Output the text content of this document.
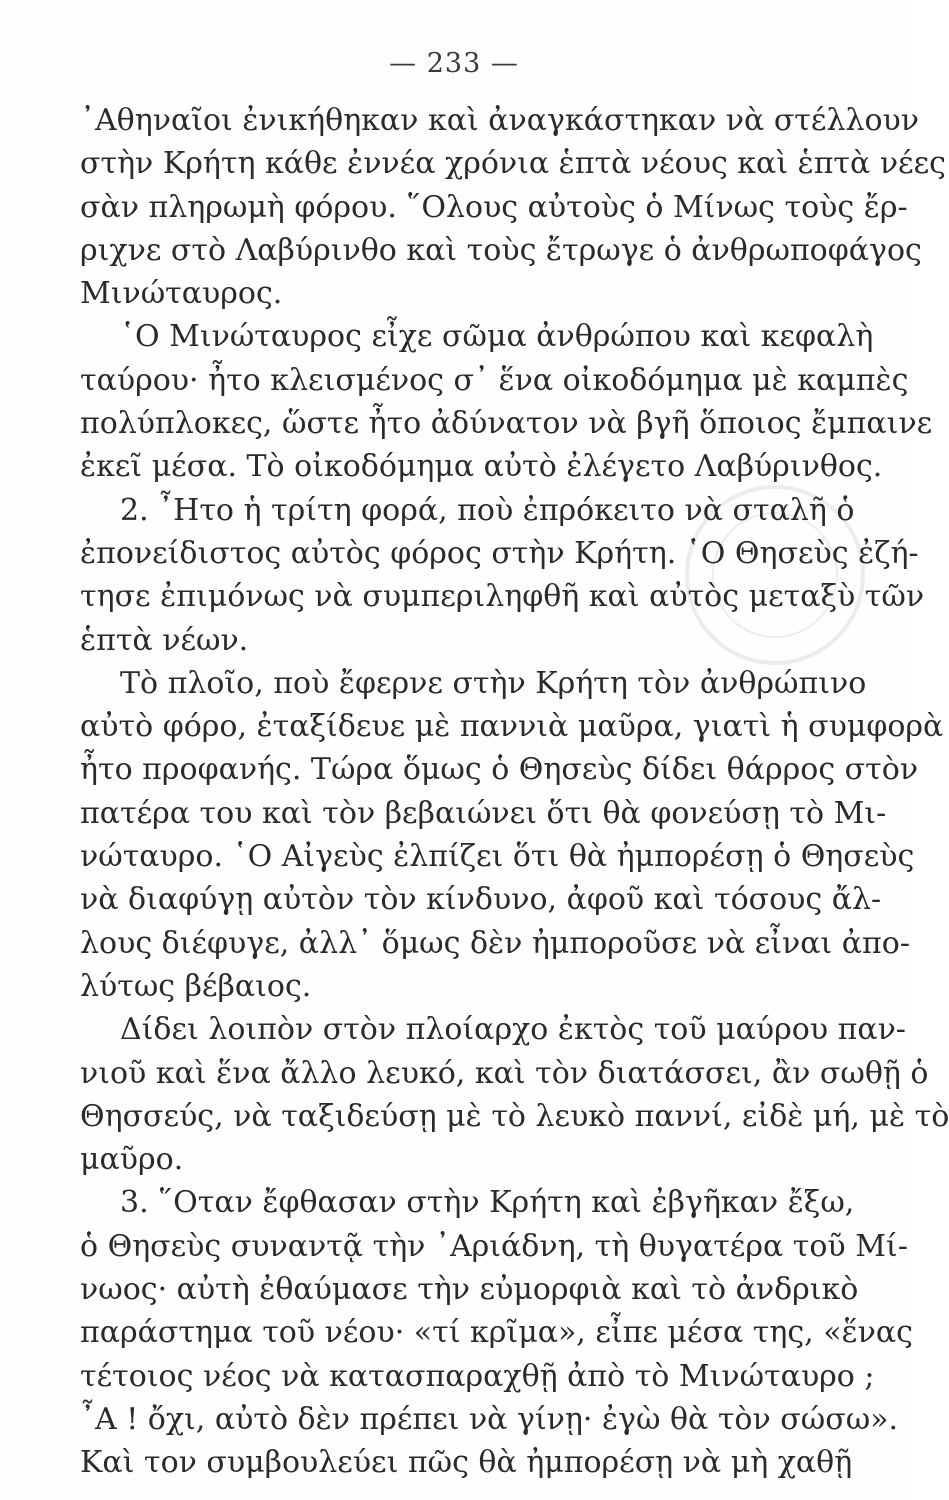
— 233 —
᾿Αθηναῖοι ἐνικήθηκαν καὶ ἀναγκάστηκαν νὰ στέλλουν
στὴν Κρήτη κάθε ἐννέα χρόνια ἑπτὰ νέους καὶ ἑπτὰ νέες
σὰν πληρωμὴ φόρου. ῞Ολους αὐτοὺς ὁ Μίνως τοὺς ἔρ-
ριχνε στὸ Λαβύρινθο καὶ τοὺς ἔτρωγε ὁ ἀνθρωποφάγος
Μινώταυρος.
῾Ο Μινώταυρος εἶχε σῶμα ἀνθρώπου καὶ κεφαλὴ
ταύρου· ἦτο κλεισμένος σ᾿ ἕνα οἰκοδόμημα μὲ καμπὲς
πολύπλοκες, ὥστε ἦτο ἀδύνατον νὰ βγῆ ὅποιος ἔμπαινε
ἐκεῖ μέσα. Τὸ οἰκοδόμημα αὐτὸ ἐλέγετο Λαβύρινθος.
2. ῏Ητο ἡ τρίτη φορά, ποὺ ἐπρόκειτο νὰ σταλῆ ὁ
ἐπονείδιστος αὐτὸς φόρος στὴν Κρήτη. ῾Ο Θησεὺς ἐζή-
τησε ἐπιμόνως νὰ συμπεριληφθῆ καὶ αὐτὸς μεταξὺ τῶν
ἑπτὰ νέων.
Τὸ πλοῖο, ποὺ ἔφερνε στὴν Κρήτη τὸν ἀνθρώπινο
αὐτὸ φόρο, ἐταξίδευε μὲ παννιὰ μαῦρα, γιατὶ ἡ συμφορὰ
ἦτο προφανής. Τώρα ὅμως ὁ Θησεὺς δίδει θάρρος στὸν
πατέρα του καὶ τὸν βεβαιώνει ὅτι θὰ φονεύσῃ τὸ Μι-
νώταυρο. ῾Ο Αἰγεὺς ἐλπίζει ὅτι θὰ ἠμπορέσῃ ὁ Θησεὺς
νὰ διαφύγῃ αὐτὸν τὸν κίνδυνο, ἀφοῦ καὶ τόσους ἄλ-
λους διέφυγε, ἀλλ᾿ ὅμως δὲν ἠμποροῦσε νὰ εἶναι ἀπο-
λύτως βέβαιος.
Δίδει λοιπὸν στὸν πλοίαρχο ἐκτὸς τοῦ μαύρου παν-
νιοῦ καὶ ἕνα ἄλλο λευκό, καὶ τὸν διατάσσει, ἂν σωθῇ ὁ
Θησσεύς, νὰ ταξιδεύσῃ μὲ τὸ λευκὸ παννί, εἰδὲ μή, μὲ τὸ
μαῦρο.
3. ῞Οταν ἔφθασαν στὴν Κρήτη καὶ ἐβγῆκαν ἔξω,
ὁ Θησεὺς συναντᾷ τὴν ᾿Αριάδνη, τὴ θυγατέρα τοῦ Μί-
νωος· αὐτὴ ἐθαύμασε τὴν εὐμορφιὰ καὶ τὸ ἀνδρικὸ
παράστημα τοῦ νέου· «τί κρῖμα», εἶπε μέσα της, «ἕνας
τέτοιος νέος νὰ κατασπαραχθῇ ἀπὸ τὸ Μινώταυρο ;
῏Α ! ὄχι, αὐτὸ δὲν πρέπει νὰ γίνῃ· ἐγὼ θὰ τὸν σώσω».
Καὶ τον συμβουλεύει πῶς θὰ ἠμπορέσῃ νὰ μὴ χαθῇ
